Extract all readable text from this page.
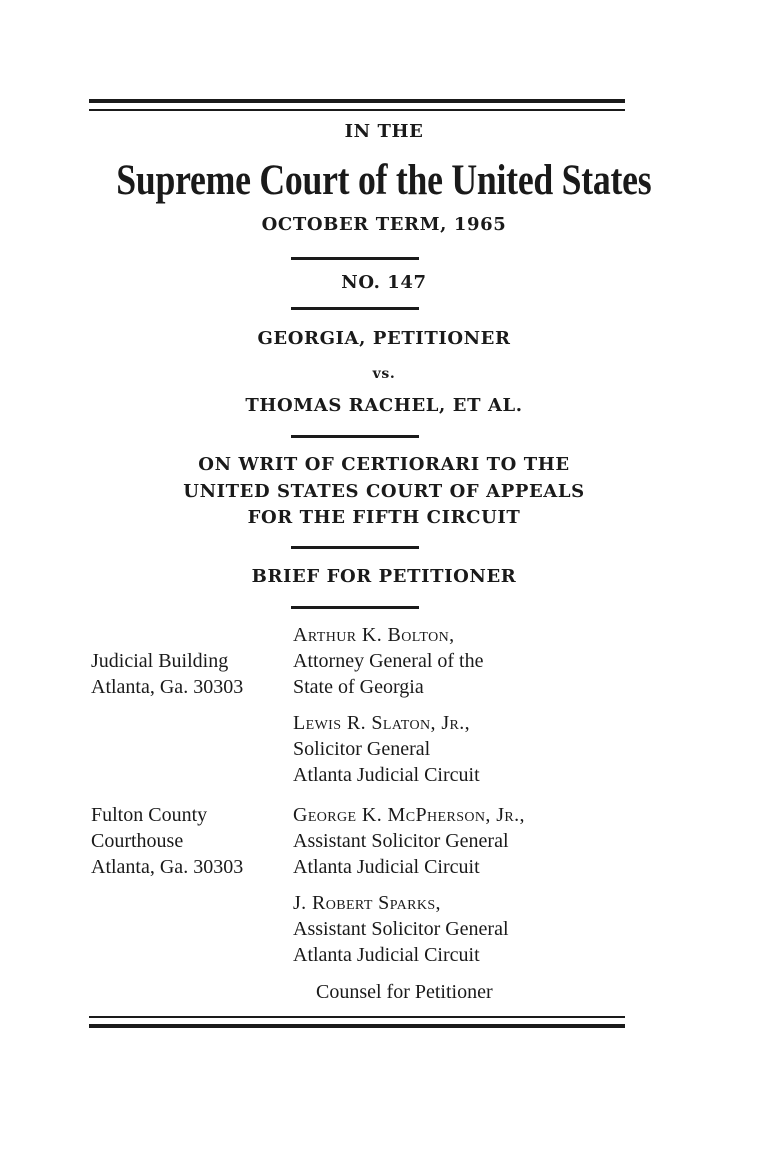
IN THE

Supreme Court of the United States

OCTOBER TERM, 1965

NO. 147

GEORGIA, PETITIONER

vs.

THOMAS RACHEL, ET AL.

ON WRIT OF CERTIORARI TO THE

UNITED STATES COURT OF APPEALS

FOR THE FIFTH CIRCUIT

BRIEF FOR PETITIONER

Judicial Building
Atlanta, Ga. 30303
Fulton County
Courthouse
Atlanta, Ga. 30303
Arthur K. Bolton,
Attorney General of the
State of Georgia
Lewis R. Slaton, Jr.,
Solicitor General
Atlanta Judicial Circuit
George K. McPherson, Jr.,
Assistant Solicitor General
Atlanta Judicial Circuit
J. Robert Sparks,
Assistant Solicitor General
Atlanta Judicial Circuit
Counsel for Petitioner
